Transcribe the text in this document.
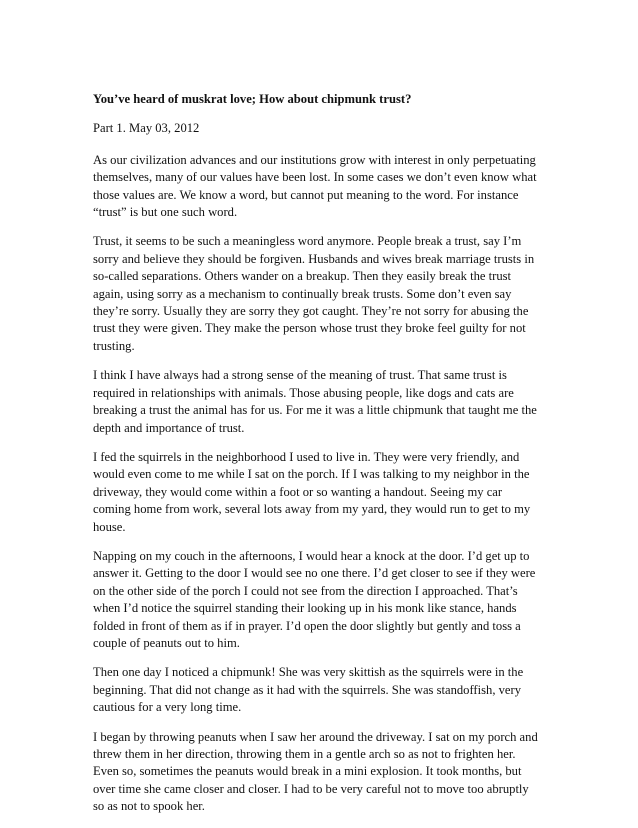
You’ve heard of muskrat love; How about chipmunk trust?
Part 1. May 03, 2012
As our civilization advances and our institutions grow with interest in only perpetuating
themselves, many of our values have been lost. In some cases we don’t even know what
those values are. We know a word, but cannot put meaning to the word. For instance
“trust” is but one such word.
Trust, it seems to be such a meaningless word anymore. People break a trust, say I’m
sorry and believe they should be forgiven. Husbands and wives break marriage trusts in
so-called separations. Others wander on a breakup. Then they easily break the trust
again, using sorry as a mechanism to continually break trusts. Some don’t even say
they’re sorry. Usually they are sorry they got caught. They’re not sorry for abusing the
trust they were given. They make the person whose trust they broke feel guilty for not
trusting.
I think I have always had a strong sense of the meaning of trust. That same trust is
required in relationships with animals. Those abusing people, like dogs and cats are
breaking a trust the animal has for us. For me it was a little chipmunk that taught me the
depth and importance of trust.
I fed the squirrels in the neighborhood I used to live in. They were very friendly, and
would even come to me while I sat on the porch. If I was talking to my neighbor in the
driveway, they would come within a foot or so wanting a handout. Seeing my car
coming home from work, several lots away from my yard, they would run to get to my
house.
Napping on my couch in the afternoons, I would hear a knock at the door. I’d get up to
answer it. Getting to the door I would see no one there. I’d get closer to see if they were
on the other side of the porch I could not see from the direction I approached. That’s
when I’d notice the squirrel standing their looking up in his monk like stance, hands
folded in front of them as if in prayer. I’d open the door slightly but gently and toss a
couple of peanuts out to him.
Then one day I noticed a chipmunk! She was very skittish as the squirrels were in the
beginning. That did not change as it had with the squirrels. She was standoffish, very
cautious for a very long time.
I began by throwing peanuts when I saw her around the driveway. I sat on my porch and
threw them in her direction, throwing them in a gentle arch so as not to frighten her.
Even so, sometimes the peanuts would break in a mini explosion. It took months, but
over time she came closer and closer. I had to be very careful not to move too abruptly
so as not to spook her.
